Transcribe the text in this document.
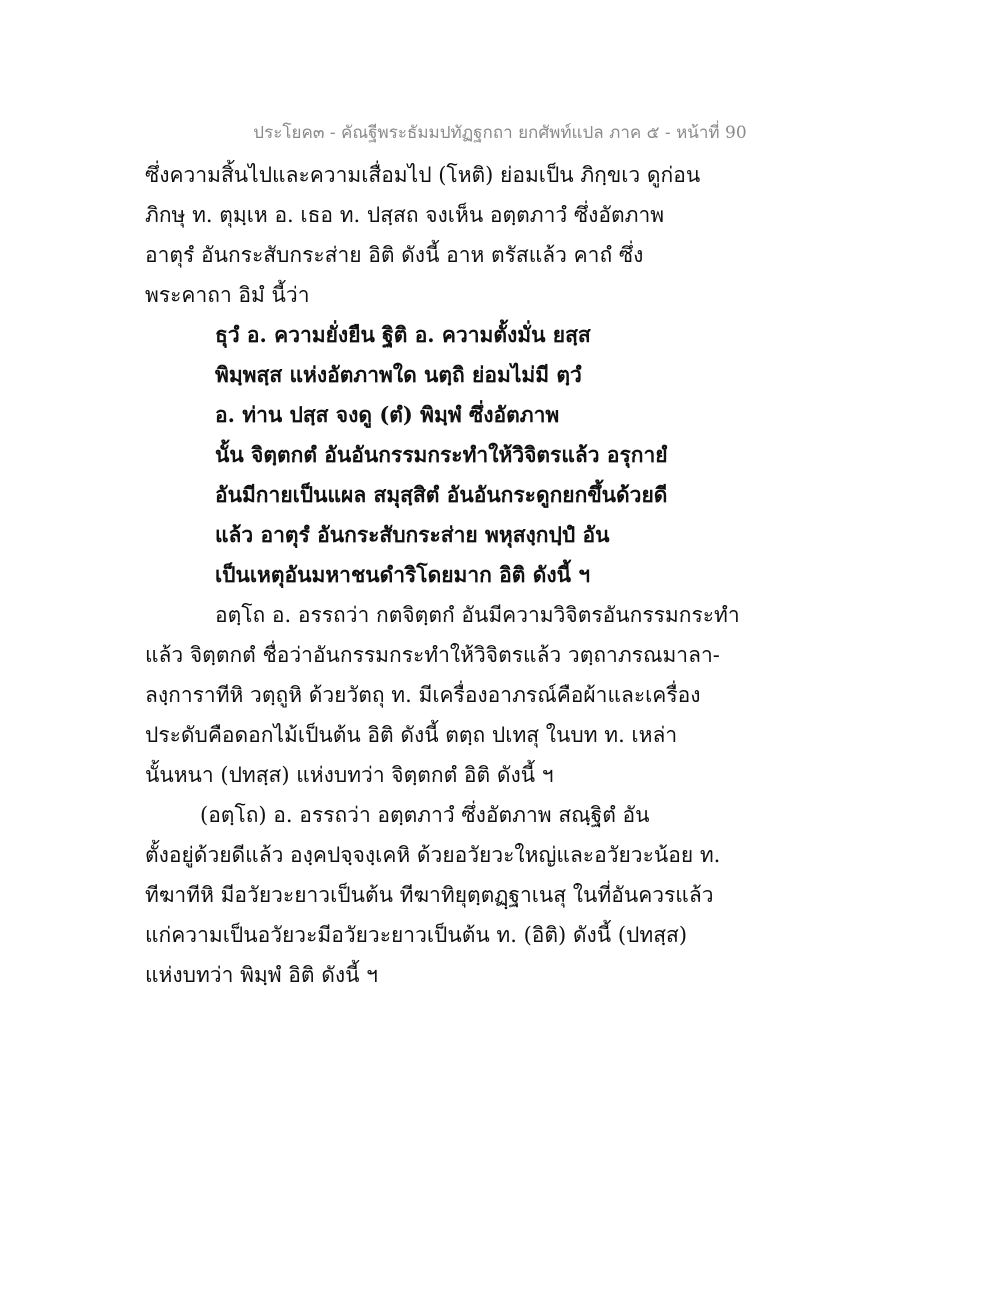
ประโยค๓ - คัณฐีพระธัมมปทัฏฐกถา ยกศัพท์แปล ภาค ๕ - หน้าที่ 90
ซึ่งความสิ้นไปและความเสื่อมไป (โหติ) ย่อมเป็น ภิกฺขเว ดูก่อน
ภิกษุ ท. ตุมฺเห อ. เธอ ท. ปสฺสถ จงเห็น อตฺตภาวํ ซึ่งอัตภาพ
อาตุรํ อันกระสับกระส่าย อิติ ดังนี้ อาห ตรัสแล้ว คาถํ ซึ่ง
พระคาถา อิมํ นี้ว่า
ธุวํ อ. ความยั่งยืน ฐิติ อ. ความตั้งมั่น ยสฺส
พิมฺพสฺส แห่งอัตภาพใด นตฺถิ ย่อมไม่มี ตฺวํ
อ. ท่าน ปสฺส จงดู (ตํ) พิมฺพํ ซึ่งอัตภาพ
นั้น จิตฺตกตํ อันอันกรรมกระทำให้วิจิตรแล้ว อรุกายํ
อันมีกายเป็นแผล สมุสฺสิตํ อันอันกระดูกยกขึ้นด้วยดี
แล้ว อาตุรํ อันกระสับกระส่าย พหุสงฺกปฺปํ อัน
เป็นเหตุอันมหาชนดำริโดยมาก อิติ ดังนี้ ฯ
อตฺโถ อ. อรรถว่า กตจิตฺตกํ อันมีความวิจิตรอันกรรมกระทำ
แล้ว จิตฺตกตํ ชื่อว่าอันกรรมกระทำให้วิจิตรแล้ว วตฺถาภรณมาลา-
ลงฺการาทีหิ วตฺถูหิ ด้วยวัตถุ ท. มีเครื่องอาภรณ์คือผ้าและเครื่อง
ประดับคือดอกไม้เป็นต้น อิติ ดังนี้ ตตฺถ ปเทสุ ในบท ท. เหล่า
นั้นหนา (ปทสฺส) แห่งบทว่า จิตฺตกตํ อิติ ดังนี้ ฯ
(อตฺโถ) อ. อรรถว่า อตฺตภาวํ ซึ่งอัตภาพ สณฺฐิตํ อัน
ตั้งอยู่ด้วยดีแล้ว องฺคปจฺจงฺเคหิ ด้วยอวัยวะใหญ่และอวัยวะน้อย ท.
ทีฆาทีหิ มีอวัยวะยาวเป็นต้น ทีฆาทิยุตฺตฏฺฐาเนสุ ในที่อันควรแล้ว
แก่ความเป็นอวัยวะมีอวัยวะยาวเป็นต้น ท. (อิติ) ดังนี้ (ปทสฺส)
แห่งบทว่า พิมฺพํ อิติ ดังนี้ ฯ
